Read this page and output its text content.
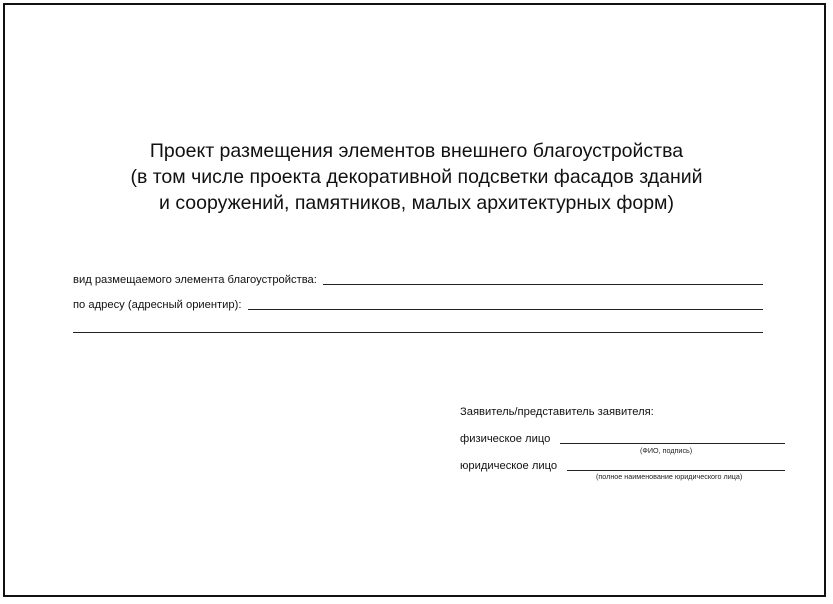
Проект размещения элементов внешнего благоустройства
(в том числе проекта декоративной подсветки фасадов зданий
и сооружений, памятников, малых архитектурных форм)
вид размещаемого элемента благоустройства:
по адресу (адресный ориентир):
Заявитель/представитель заявителя:
физическое лицо
(ФИО, подпись)
юридическое лицо
(полное наименование юридического лица)
